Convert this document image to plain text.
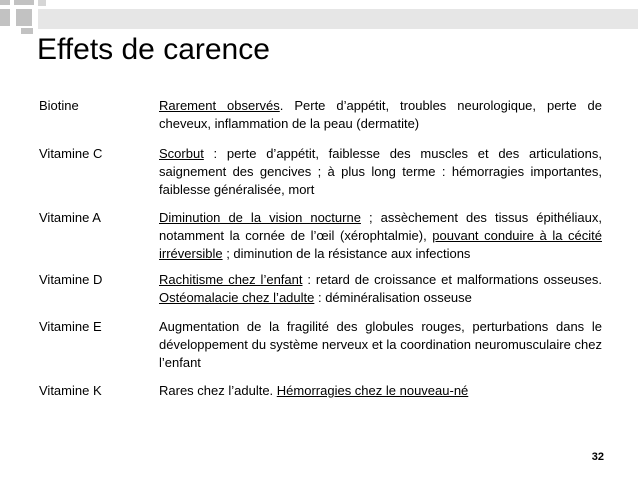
Effets de carence
Biotine	Rarement observés. Perte d’appétit, troubles neurologique, perte de cheveux, inflammation de la peau (dermatite)
Vitamine C	Scorbut : perte d’appétit, faiblesse des muscles et des articulations, saignement des gencives ; à plus long terme : hémorragies importantes, faiblesse généralisée, mort
Vitamine A	Diminution de la vision nocturne ; assèchement des tissus épithéliaux, notamment la cornée de l’œil (xérophtalmie), pouvant conduire à la cécité irréversible ; diminution de la résistance aux infections
Vitamine D	Rachitisme chez l’enfant : retard de croissance et malformations osseuses. Ostéomalacie chez l’adulte : déminéralisation osseuse
Vitamine E	Augmentation de la fragilité des globules rouges, perturbations dans le développement du système nerveux et la coordination neuromusculaire chez l’enfant
Vitamine K	Rares chez l’adulte. Hémorragies chez le nouveau-né
32
